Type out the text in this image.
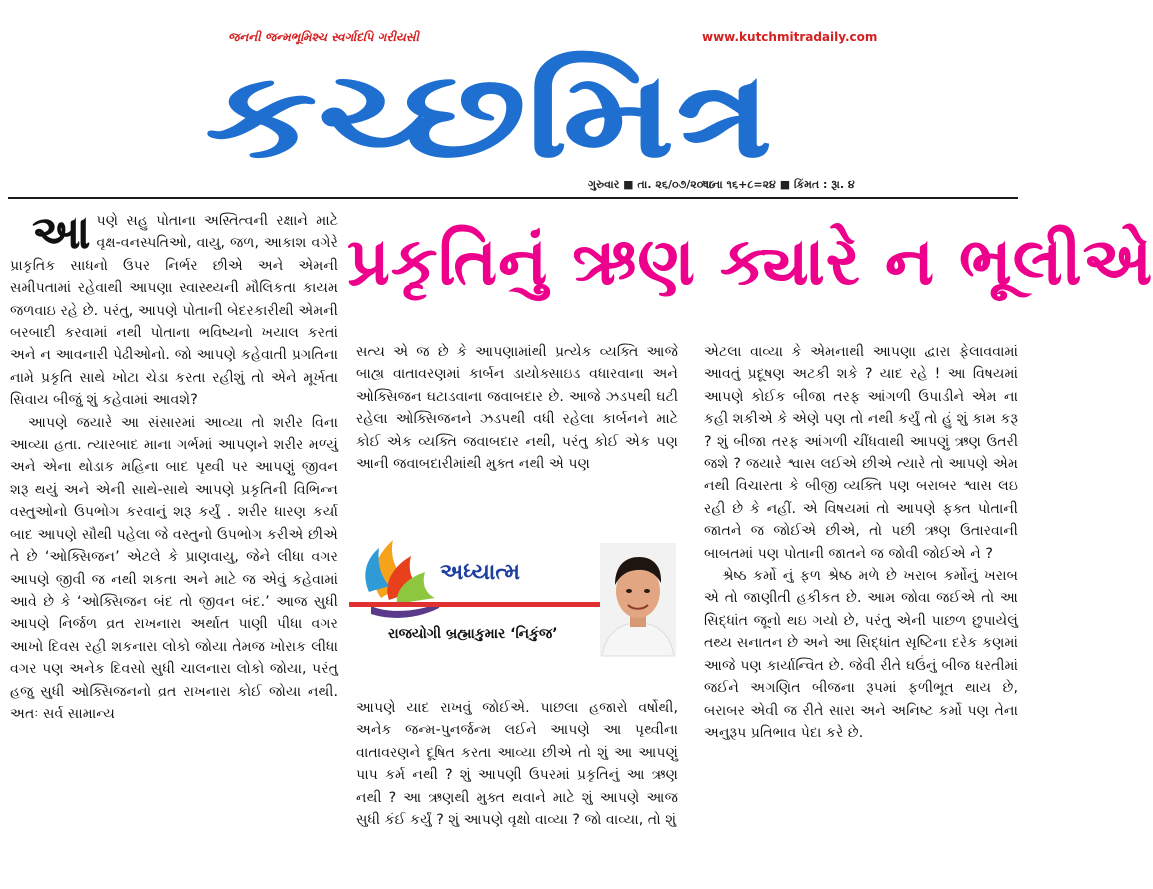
જનની જન્મભૂમિશ્ચ સ્વર્ગાદપિ ગરીયસી	www.kutchmitradaily.com
કચ્છમિત્ર
ગુરુવાર ■ તા. ૨૬/૦૭/૨૦૧૮
પાના ૧૬+૮=૨૪ ■ કિંમત : રૂા. ૪
આ પણે સહુ પોતાના અસ્તિત્વની રક્ષાને માટે વૃક્ષ-વનસ્પતિઓ, વાયુ, જળ, આકાશ વગેરે પ્રાકૃતિક સાધનો ઉપર નિર્ભર છીએ અને એમની સમીપતામાં રહેવાથી આપણા સ્વાસ્થ્યની મૌલિકતા કાયમ જળવાઇ રહે છે. પરંતુ, આપણે પોતાની બેદરકારીથી એમની બરબાદી કરવામાં નથી પોતાના ભવિષ્યનો ખયાલ કરતાં અને ન આવનારી પેઢીઓનો. જો આપણે કહેવાતી પ્રગતિના નામે પ્રકૃતિ સાથે ખોટા ચેડા કરતા રહીશું તો એને મૂર્ખતા સિવાય બીજું શું કહેવામાં આવશે?

આપણે જયારે આ સંસારમાં આવ્યા તો શરીર વિના આવ્યા હતા. ત્યારબાદ માના ગર્ભમાં આપણને શરીર મળ્યું અને એના થોડાક મહિના બાદ પૃથ્વી પર આપણું જીવન શરૂ થયું અને એની સાથે-સાથે આપણે પ્રકૃતિની વિભિન્ન વસ્તુઓનો ઉપભોગ કરવાનું શરૂ કર્યું . શરીર ધારણ કર્યા બાદ આપણે સૌથી પહેલા જે વસ્તુનો ઉપભોગ કરીએ છીએ તે છે ‘ઓક્સિજન’ એટલે કે પ્રાણવાયુ, જેને લીધા વગર આપણે જીવી જ નથી શકતા અને માટે જ એવું કહેવામાં આવે છે કે ‘ઓક્સિજન બંદ તો જીવન બંદ.’ આજ સુધી આપણે નિર્જળ વ્રત રાખનારા અર્થાત પાણી પીધા વગર આખો દિવસ રહી શકનારા લોકો જોયા તેમજ ખોરાક લીધા વગર પણ અનેક દિવસો સુધી ચાલનારા લોકો જોયા, પરંતુ હજુ સુધી ઓક્સિજનનો વ્રત રાખનારા કોઈ જોયા નથી. અતઃ સર્વ સામાન્ય

પ્રકૃતિનું ઋણ ક્યારે ન ભૂલીએ

સત્ય એ જ છે કે આપણામાંથી પ્રત્યેક વ્યક્તિ આજે બાહ્ય વાતાવરણમાં કાર્બન ડાયોક્સાઇડ વધારવાના અને ઓક્સિજન ઘટાડવાના જવાબદાર છે. આજે ઝડપથી ઘટી રહેલા ઓક્સિજનને ઝડપથી વધી રહેલા કાર્બનને માટે કોઈ એક વ્યક્તિ જવાબદાર નથી, પરંતુ કોઈ એક પણ આની જવાબદારીમાંથી મુક્ત નથી એ પણ

અધ્યાત્મ
રાજયોગી બ્રહ્માકુમાર ‘નિકુંજ’

આપણે યાદ રાખવું જોઈએ. પાછલા હજારો વર્ષોથી, અનેક જન્મ-પુનર્જન્મ લઈને આપણે આ પૃથ્વીના વાતાવરણને દૂષિત કરતા આવ્યા છીએ તો શું આ આપણું પાપ કર્મ નથી ? શું આપણી ઉપરમાં પ્રકૃતિનું આ ઋણ નથી ? આ ઋણથી મુક્ત થવાને માટે શું આપણે આજ સુધી કંઈ કર્યું ? શું આપણે વૃક્ષો વાવ્યા ? જો વાવ્યા, તો શું

એટલા વાવ્યા કે એમનાથી આપણા દ્વારા ફેલાવવામાં આવતું પ્રદૂષણ અટકી શકે ? યાદ રહે ! આ વિષયમાં આપણે કોઈક બીજા તરફ આંગળી ઉપાડીને એમ ના કહી શકીએ કે એણે પણ તો નથી કર્યું તો હું શું કામ કરૂ ? શું બીજા તરફ આંગળી ચીંધવાથી આપણું ઋણ ઉતરી જશે ? જયારે શ્વાસ લઈએ છીએ ત્યારે તો આપણે એમ નથી વિચારતા કે બીજી વ્યક્તિ પણ બરાબર શ્વાસ લઇ રહી છે કે નહીં. એ વિષયમાં તો આપણે ફક્ત પોતાની જાતને જ જોઈએ છીએ, તો પછી ઋણ ઉતારવાની બાબતમાં પણ પોતાની જાતને જ જોવી જોઈએ ને ?

શ્રેષ્ઠ કર્મો નું ફળ શ્રેષ્ઠ મળે છે ખરાબ કર્મોનું ખરાબ એ તો જાણીતી હકીકત છે. આમ જોવા જઈએ તો આ સિદ્ધાંત જૂનો થઇ ગયો છે, પરંતુ એની પાછળ છુપાયેલું તથ્ય સનાતન છે અને આ સિદ્ધાંત સૃષ્ટિના દરેક કણમાં આજે પણ કાર્યાન્વિત છે. જેવી રીતે ઘઉંનું બીજ ધરતીમાં જઈને અગણિત બીજના રૂપમાં ફળીભૂત થાય છે, બરાબર એવી જ રીતે સારા અને અનિષ્ટ કર્મો પણ તેના અનુરૂપ પ્રતિભાવ પેદા કરે છે.
